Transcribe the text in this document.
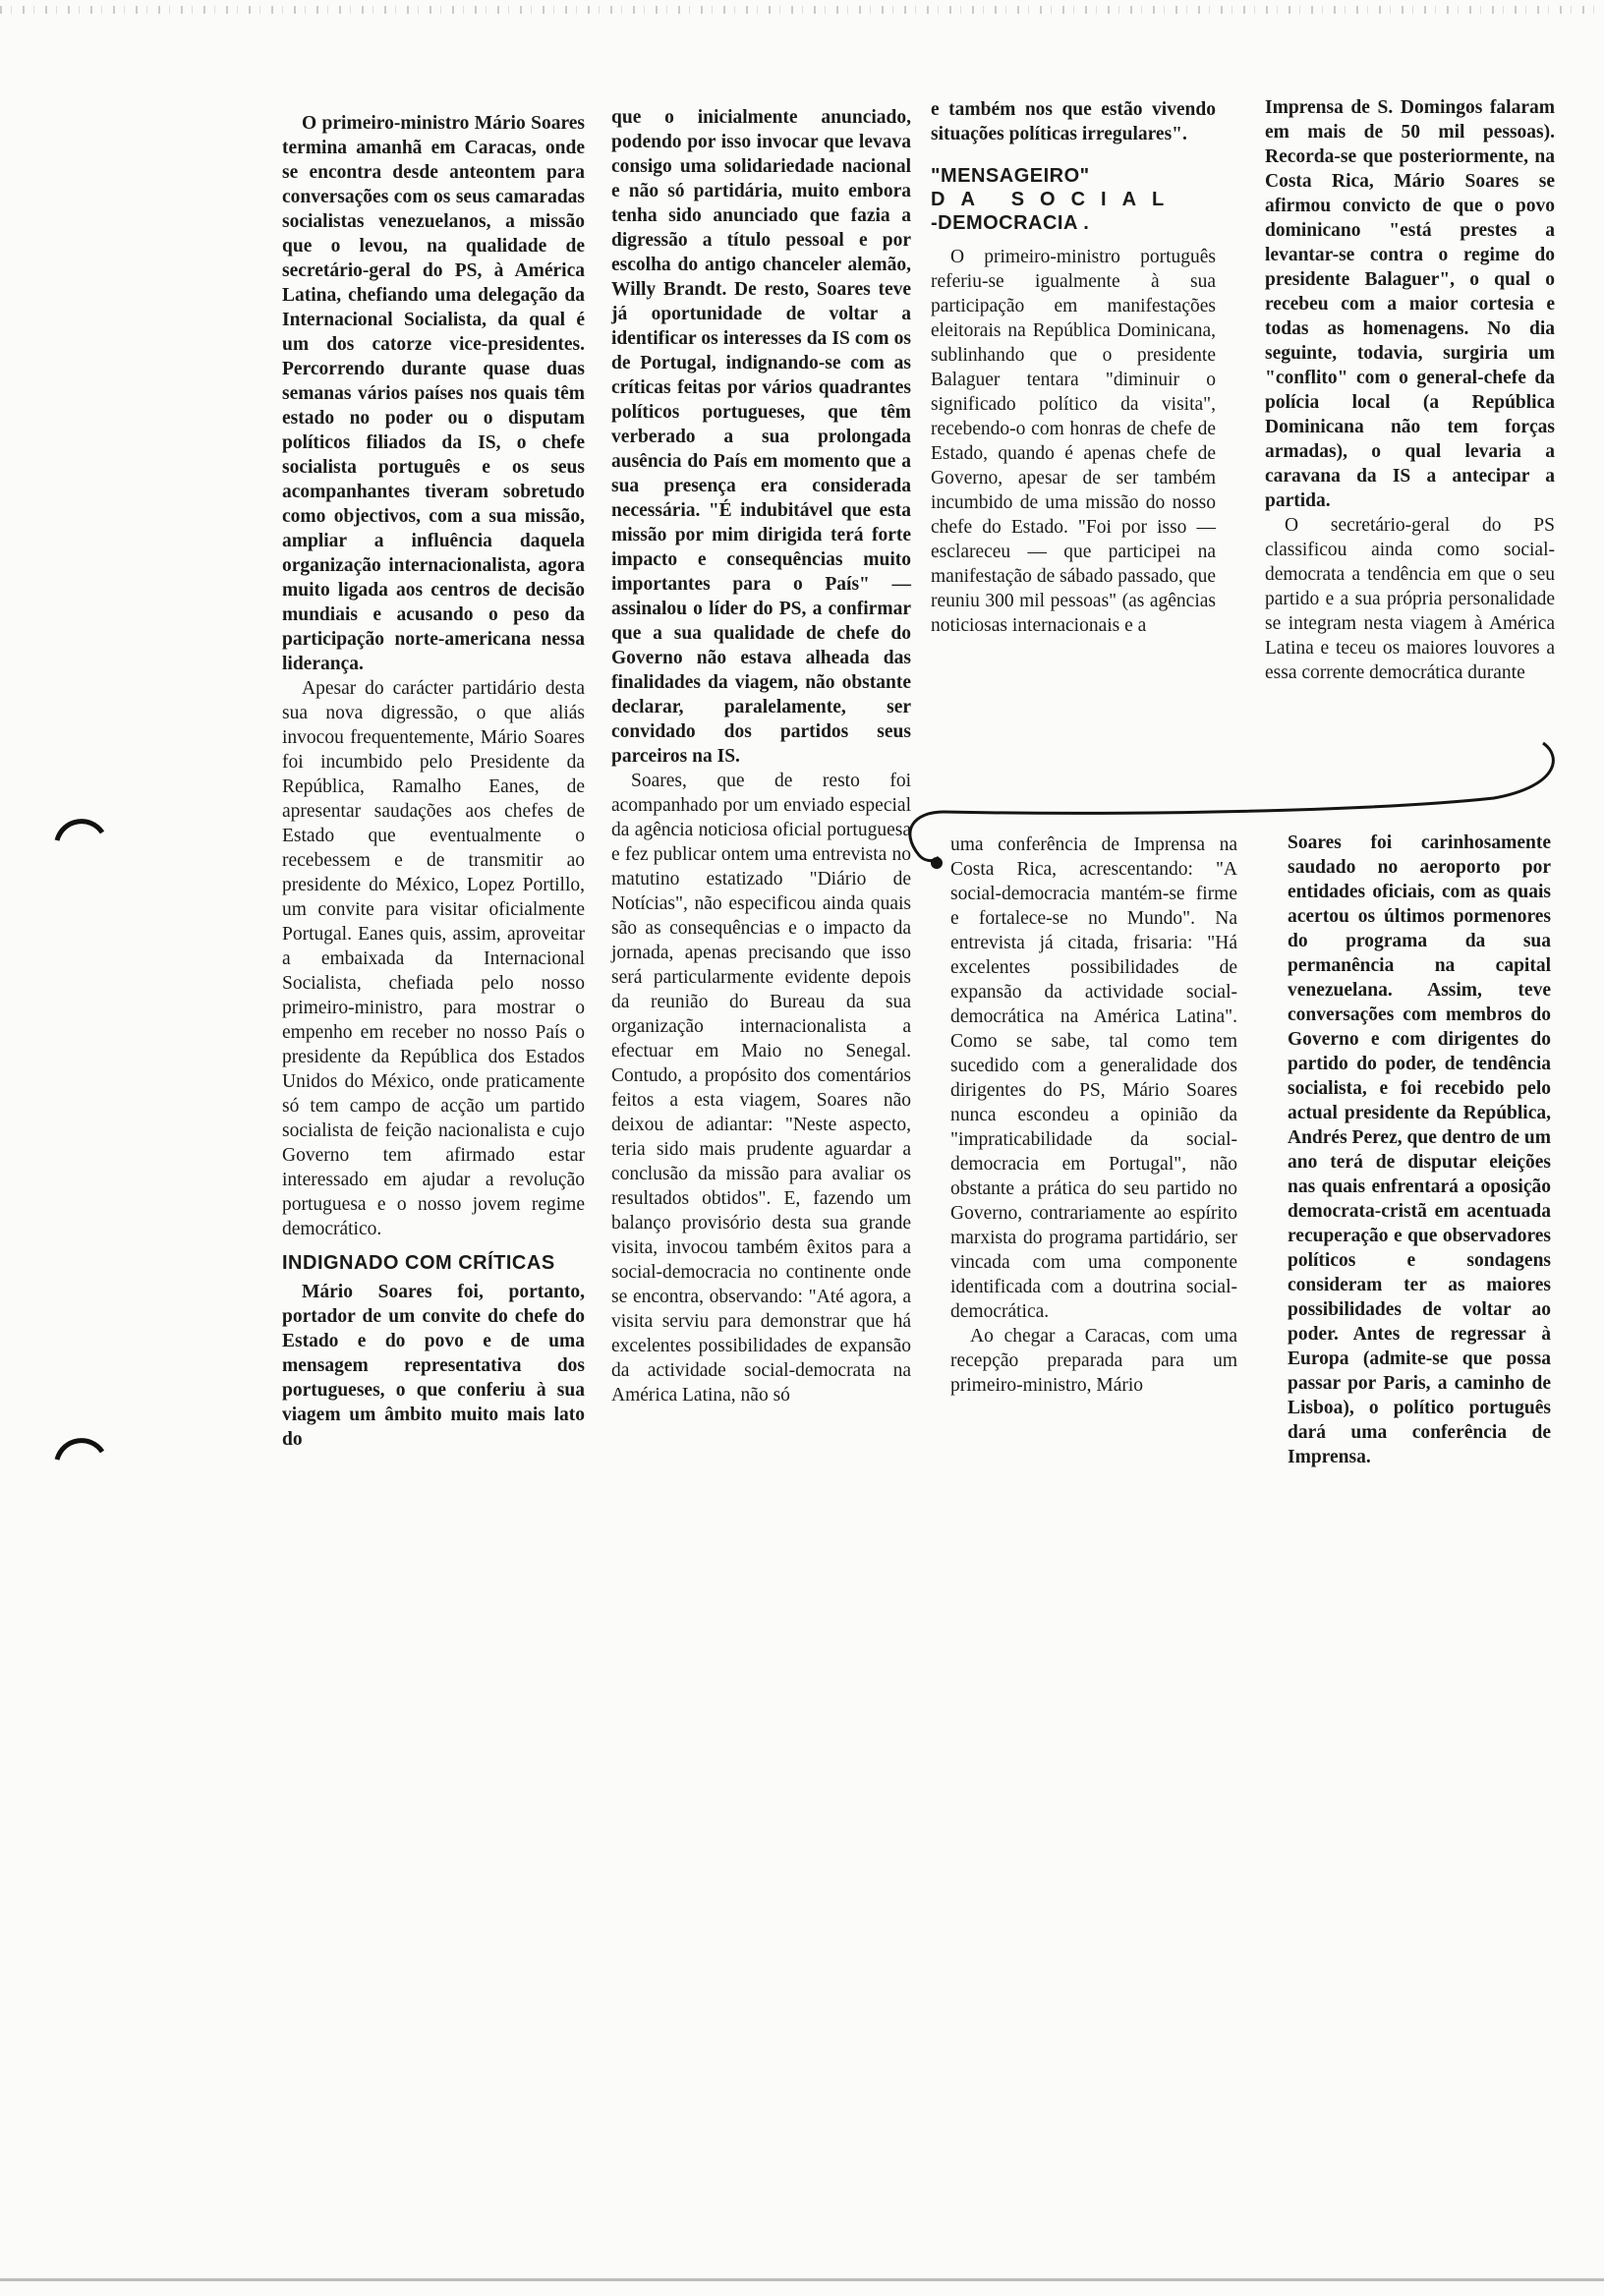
O primeiro-ministro Mário Soares termina amanhã em Caracas, onde se encontra desde anteontem para conversações com os seus camaradas socialistas venezuelanos, a missão que o levou, na qualidade de secretário-geral do PS, à América Latina, chefiando uma delegação da Internacional Socialista, da qual é um dos catorze vice-presidentes. Percorrendo durante quase duas semanas vários países nos quais têm estado no poder ou o disputam políticos filiados da IS, o chefe socialista português e os seus acompanhantes tiveram sobretudo como objectivos, com a sua missão, ampliar a influência daquela organização internacionalista, agora muito ligada aos centros de decisão mundiais e acusando o peso da participação norte-americana nessa liderança.

Apesar do carácter partidário desta sua nova digressão, o que aliás invocou frequentemente, Mário Soares foi incumbido pelo Presidente da República, Ramalho Eanes, de apresentar saudações aos chefes de Estado que eventualmente o recebessem e de transmitir ao presidente do México, Lopez Portillo, um convite para visitar oficialmente Portugal. Eanes quis, assim, aproveitar a embaixada da Internacional Socialista, chefiada pelo nosso primeiro-ministro, para mostrar o empenho em receber no nosso País o presidente da República dos Estados Unidos do México, onde praticamente só tem campo de acção um partido socialista de feição nacionalista e cujo Governo tem afirmado estar interessado em ajudar a revolução portuguesa e o nosso jovem regime democrático.

INDIGNADO COM CRÍTICAS

Mário Soares foi, portanto, portador de um convite do chefe do Estado e do povo e de uma mensagem representativa dos portugueses, o que conferiu à sua viagem um âmbito muito mais lato do

que o inicialmente anunciado, podendo por isso invocar que levava consigo uma solidariedade nacional e não só partidária, muito embora tenha sido anunciado que fazia a digressão a título pessoal e por escolha do antigo chanceler alemão, Willy Brandt. De resto, Soares teve já oportunidade de voltar a identificar os interesses da IS com os de Portugal, indignando-se com as críticas feitas por vários quadrantes políticos portugueses, que têm verberado a sua prolongada ausência do País em momento que a sua presença era considerada necessária. "É indubitável que esta missão por mim dirigida terá forte impacto e consequências muito importantes para o País" — assinalou o líder do PS, a confirmar que a sua qualidade de chefe do Governo não estava alheada das finalidades da viagem, não obstante declarar, paralelamente, ser convidado dos partidos seus parceiros na IS.

Soares, que de resto foi acompanhado por um enviado especial da agência noticiosa oficial portuguesa e fez publicar ontem uma entrevista no matutino estatizado "Diário de Notícias", não especificou ainda quais são as consequências e o impacto da jornada, apenas precisando que isso será particularmente evidente depois da reunião do Bureau da sua organização internacionalista a efectuar em Maio no Senegal. Contudo, a propósito dos comentários feitos a esta viagem, Soares não deixou de adiantar: "Neste aspecto, teria sido mais prudente aguardar a conclusão da missão para avaliar os resultados obtidos". E, fazendo um balanço provisório desta sua grande visita, invocou também êxitos para a social-democracia no continente onde se encontra, observando: "Até agora, a visita serviu para demonstrar que há excelentes possibilidades de expansão da actividade social-democrata na América Latina, não só

e também nos que estão vivendo situações políticas irregulares".

"MENSAGEIRO"
DA SOCIAL
-DEMOCRACIA .

O primeiro-ministro português referiu-se igualmente à sua participação em manifestações eleitorais na República Dominicana, sublinhando que o presidente Balaguer tentara "diminuir o significado político da visita", recebendo-o com honras de chefe de Estado, quando é apenas chefe de Governo, apesar de ser também incumbido de uma missão do nosso chefe do Estado. "Foi por isso — esclareceu — que participei na manifestação de sábado passado, que reuniu 300 mil pessoas" (as agências noticiosas internacionais e a

Imprensa de S. Domingos falaram em mais de 50 mil pessoas). Recorda-se que posteriormente, na Costa Rica, Mário Soares se afirmou convicto de que o povo dominicano "está prestes a levantar-se contra o regime do presidente Balaguer", o qual o recebeu com a maior cortesia e todas as homenagens. No dia seguinte, todavia, surgiria um "conflito" com o general-chefe da polícia local (a República Dominicana não tem forças armadas), o qual levaria a caravana da IS a antecipar a partida.

O secretário-geral do PS classificou ainda como social-democrata a tendência em que o seu partido e a sua própria personalidade se integram nesta viagem à América Latina e teceu os maiores louvores a essa corrente democrática durante

uma conferência de Imprensa na Costa Rica, acrescentando: "A social-democracia mantém-se firme e fortalece-se no Mundo". Na entrevista já citada, frisaria: "Há excelentes possibilidades de expansão da actividade social-democrática na América Latina". Como se sabe, tal como tem sucedido com a generalidade dos dirigentes do PS, Mário Soares nunca escondeu a opinião da "impraticabilidade da social-democracia em Portugal", não obstante a prática do seu partido no Governo, contrariamente ao espírito marxista do programa partidário, ser vincada com uma componente identificada com a doutrina social-democrática.

Ao chegar a Caracas, com uma recepção preparada para um primeiro-ministro, Mário

Soares foi carinhosamente saudado no aeroporto por entidades oficiais, com as quais acertou os últimos pormenores do programa da sua permanência na capital venezuelana. Assim, teve conversações com membros do Governo e com dirigentes do partido do poder, de tendência socialista, e foi recebido pelo actual presidente da República, Andrés Perez, que dentro de um ano terá de disputar eleições nas quais enfrentará a oposição democrata-cristã em acentuada recuperação e que observadores políticos e sondagens consideram ter as maiores possibilidades de voltar ao poder. Antes de regressar à Europa (admite-se que possa passar por Paris, a caminho de Lisboa), o político português dará uma conferência de Imprensa.
